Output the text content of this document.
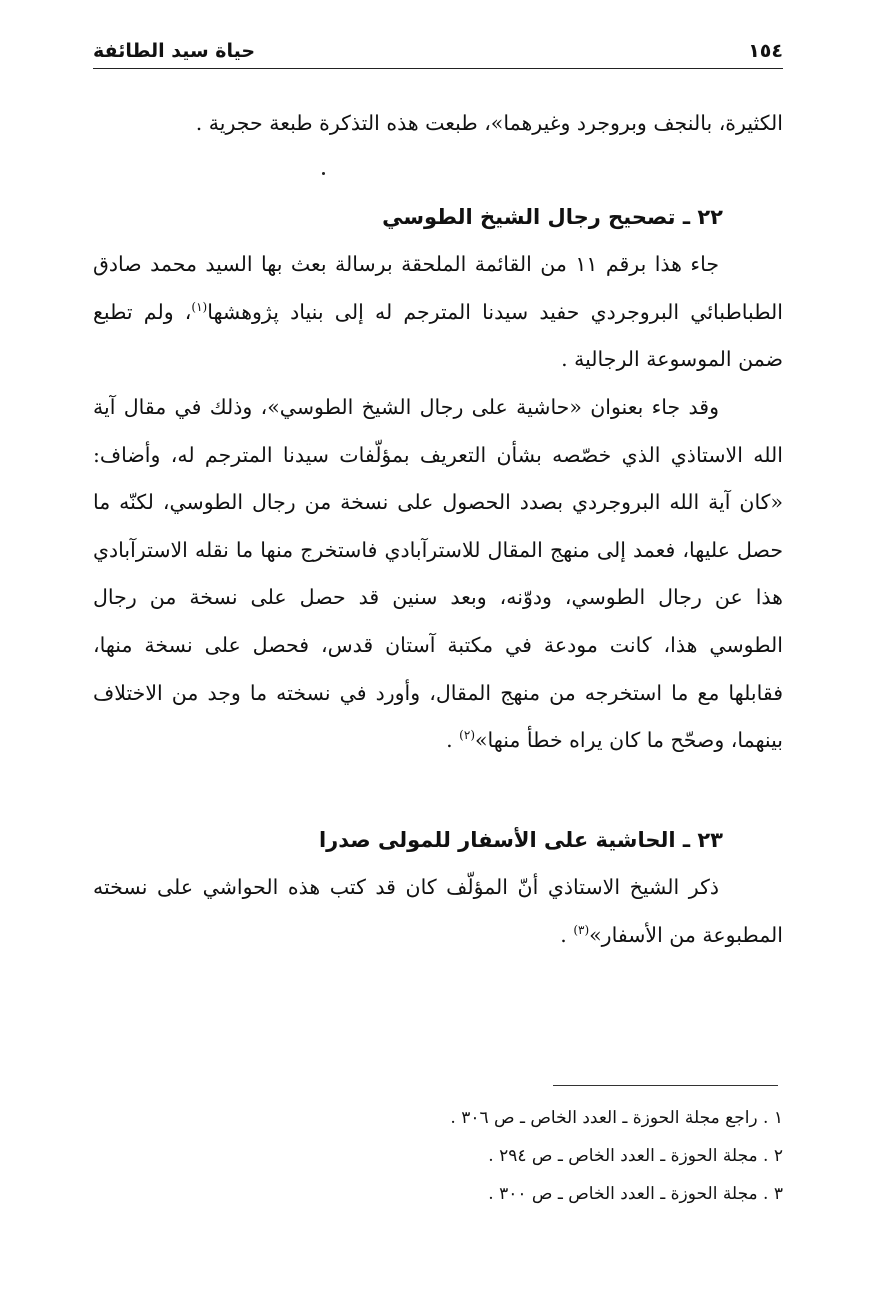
حياة سيد الطائفة	١٥٤

الكثيرة، بالنجف وبروجرد وغيرهما»، طبعت هذه التذكرة طبعة حجرية .

٢٢ ـ تصحيح رجال الشيخ الطوسي

جاء هذا برقم ١١ من القائمة الملحقة برسالة بعث بها السيد محمد صادق الطباطبائي البروجردي حفيد سيدنا المترجم له إلى بنياد پژوهشها$^{(١)}$، ولم تطبع ضمن الموسوعة الرجالية .

وقد جاء بعنوان «حاشية على رجال الشيخ الطوسي»، وذلك في مقال آية الله الاستاذي الذي خصّصه بشأن التعريف بمؤلّفات سيدنا المترجم له، وأضاف: «كان آية الله البروجردي بصدد الحصول على نسخة من رجال الطوسي، لكنّه ما حصل عليها، فعمد إلى منهج المقال للاسترآبادي فاستخرج منها ما نقله الاسترآبادي هذا عن رجال الطوسي، ودوّنه، وبعد سنين قد حصل على نسخة من رجال الطوسي هذا، كانت مودعة في مكتبة آستان قدس، فحصل على نسخة منها، فقابلها مع ما استخرجه من منهج المقال، وأورد في نسخته ما وجد من الاختلاف بينهما، وصحّح ما كان يراه خطأ منها»$^{(٢)}$ .

٢٣ ـ الحاشية على الأسفار للمولى صدرا

ذكر الشيخ الاستاذي أنّ المؤلّف كان قد كتب هذه الحواشي على نسخته المطبوعة من الأسفار»$^{(٣)}$ .

١ . راجع مجلة الحوزة ـ العدد الخاص ـ ص ٣٠٦ .

٢ . مجلة الحوزة ـ العدد الخاص ـ ص ٢٩٤ .

٣ . مجلة الحوزة ـ العدد الخاص ـ ص ٣٠٠ .
